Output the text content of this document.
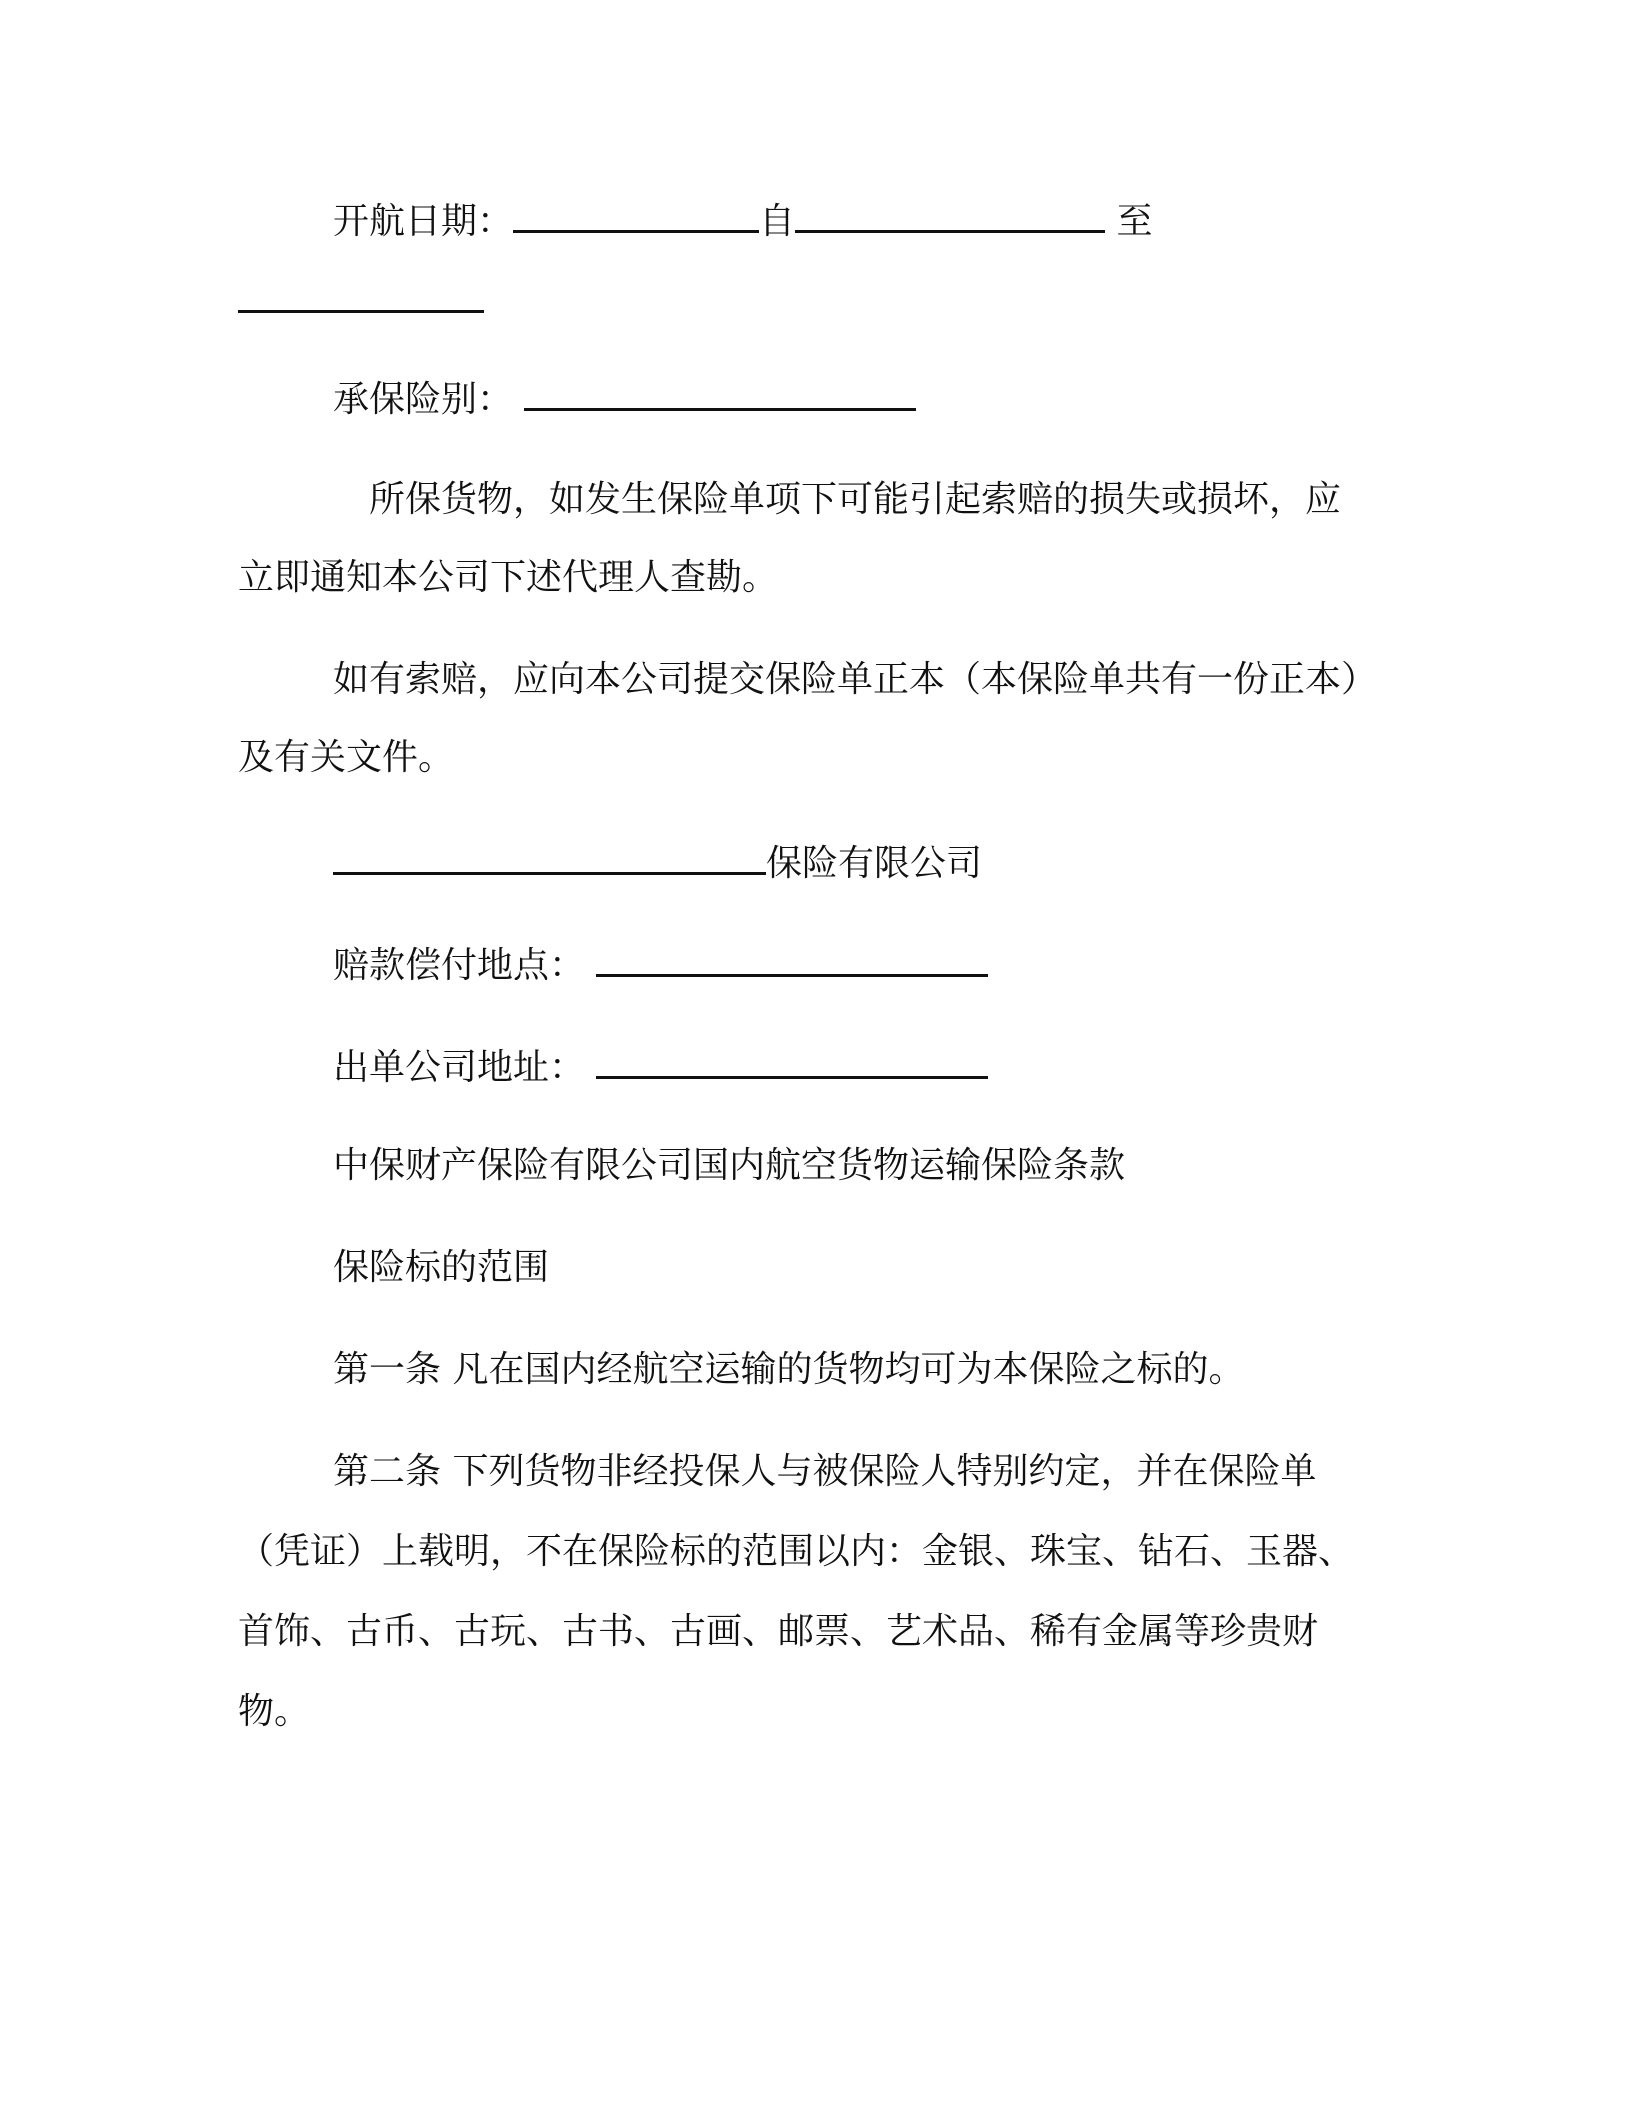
开航日期：	自	至
承保险别：
所保货物，如发生保险单项下可能引起索赔的损失或损坏，应
立即通知本公司下述代理人查勘。
如有索赔，应向本公司提交保险单正本（本保险单共有一份正本）
及有关文件。
保险有限公司
赔款偿付地点：
出单公司地址：
中保财产保险有限公司国内航空货物运输保险条款
保险标的范围
第一条 凡在国内经航空运输的货物均可为本保险之标的。
第二条 下列货物非经投保人与被保险人特别约定，并在保险单
（凭证）上载明，不在保险标的范围以内：金银、珠宝、钻石、玉器、
首饰、古币、古玩、古书、古画、邮票、艺术品、稀有金属等珍贵财
物。
